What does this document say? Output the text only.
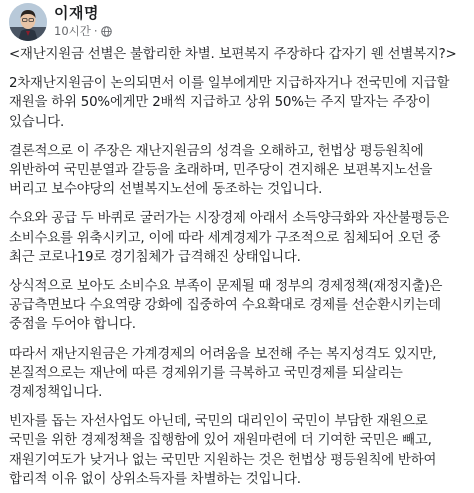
이재명
10시간 ·

<재난지원금 선별은 불합리한 차별. 보편복지 주장하다 갑자기 웬 선별복지?>

2차재난지원금이 논의되면서 이를 일부에게만 지급하자거나 전국민에 지급할 재원을 하위 50%에게만 2배씩 지급하고 상위 50%는 주지 말자는 주장이 있습니다.

결론적으로 이 주장은 재난지원금의 성격을 오해하고, 헌법상 평등원칙에 위반하여 국민분열과 갈등을 초래하며, 민주당이 견지해온 보편복지노선을 버리고 보수야당의 선별복지노선에 동조하는 것입니다.

수요와 공급 두 바퀴로 굴러가는 시장경제 아래서 소득양극화와 자산불평등은 소비수요를 위축시키고, 이에 따라 세계경제가 구조적으로 침체되어 오던 중 최근 코로나19로 경기침체가 급격해진 상태입니다.

상식적으로 보아도 소비수요 부족이 문제될 때 정부의 경제정책(재정지출)은 공급측면보다 수요역량 강화에 집중하여 수요확대로 경제를 선순환시키는데 중점을 두어야 합니다.

따라서 재난지원금은 가계경제의 어려움을 보전해 주는 복지성격도 있지만, 본질적으로는 재난에 따른 경제위기를 극복하고 국민경제를 되살리는 경제정책입니다.

빈자를 돕는 자선사업도 아닌데, 국민의 대리인이 국민이 부담한 재원으로 국민을 위한 경제정책을 집행함에 있어 재원마련에 더 기여한 국민은 빼고, 재원기여도가 낮거나 없는 국민만 지원하는 것은 헌법상 평등원칙에 반하여 합리적 이유 없이 상위소득자를 차별하는 것입니다.
